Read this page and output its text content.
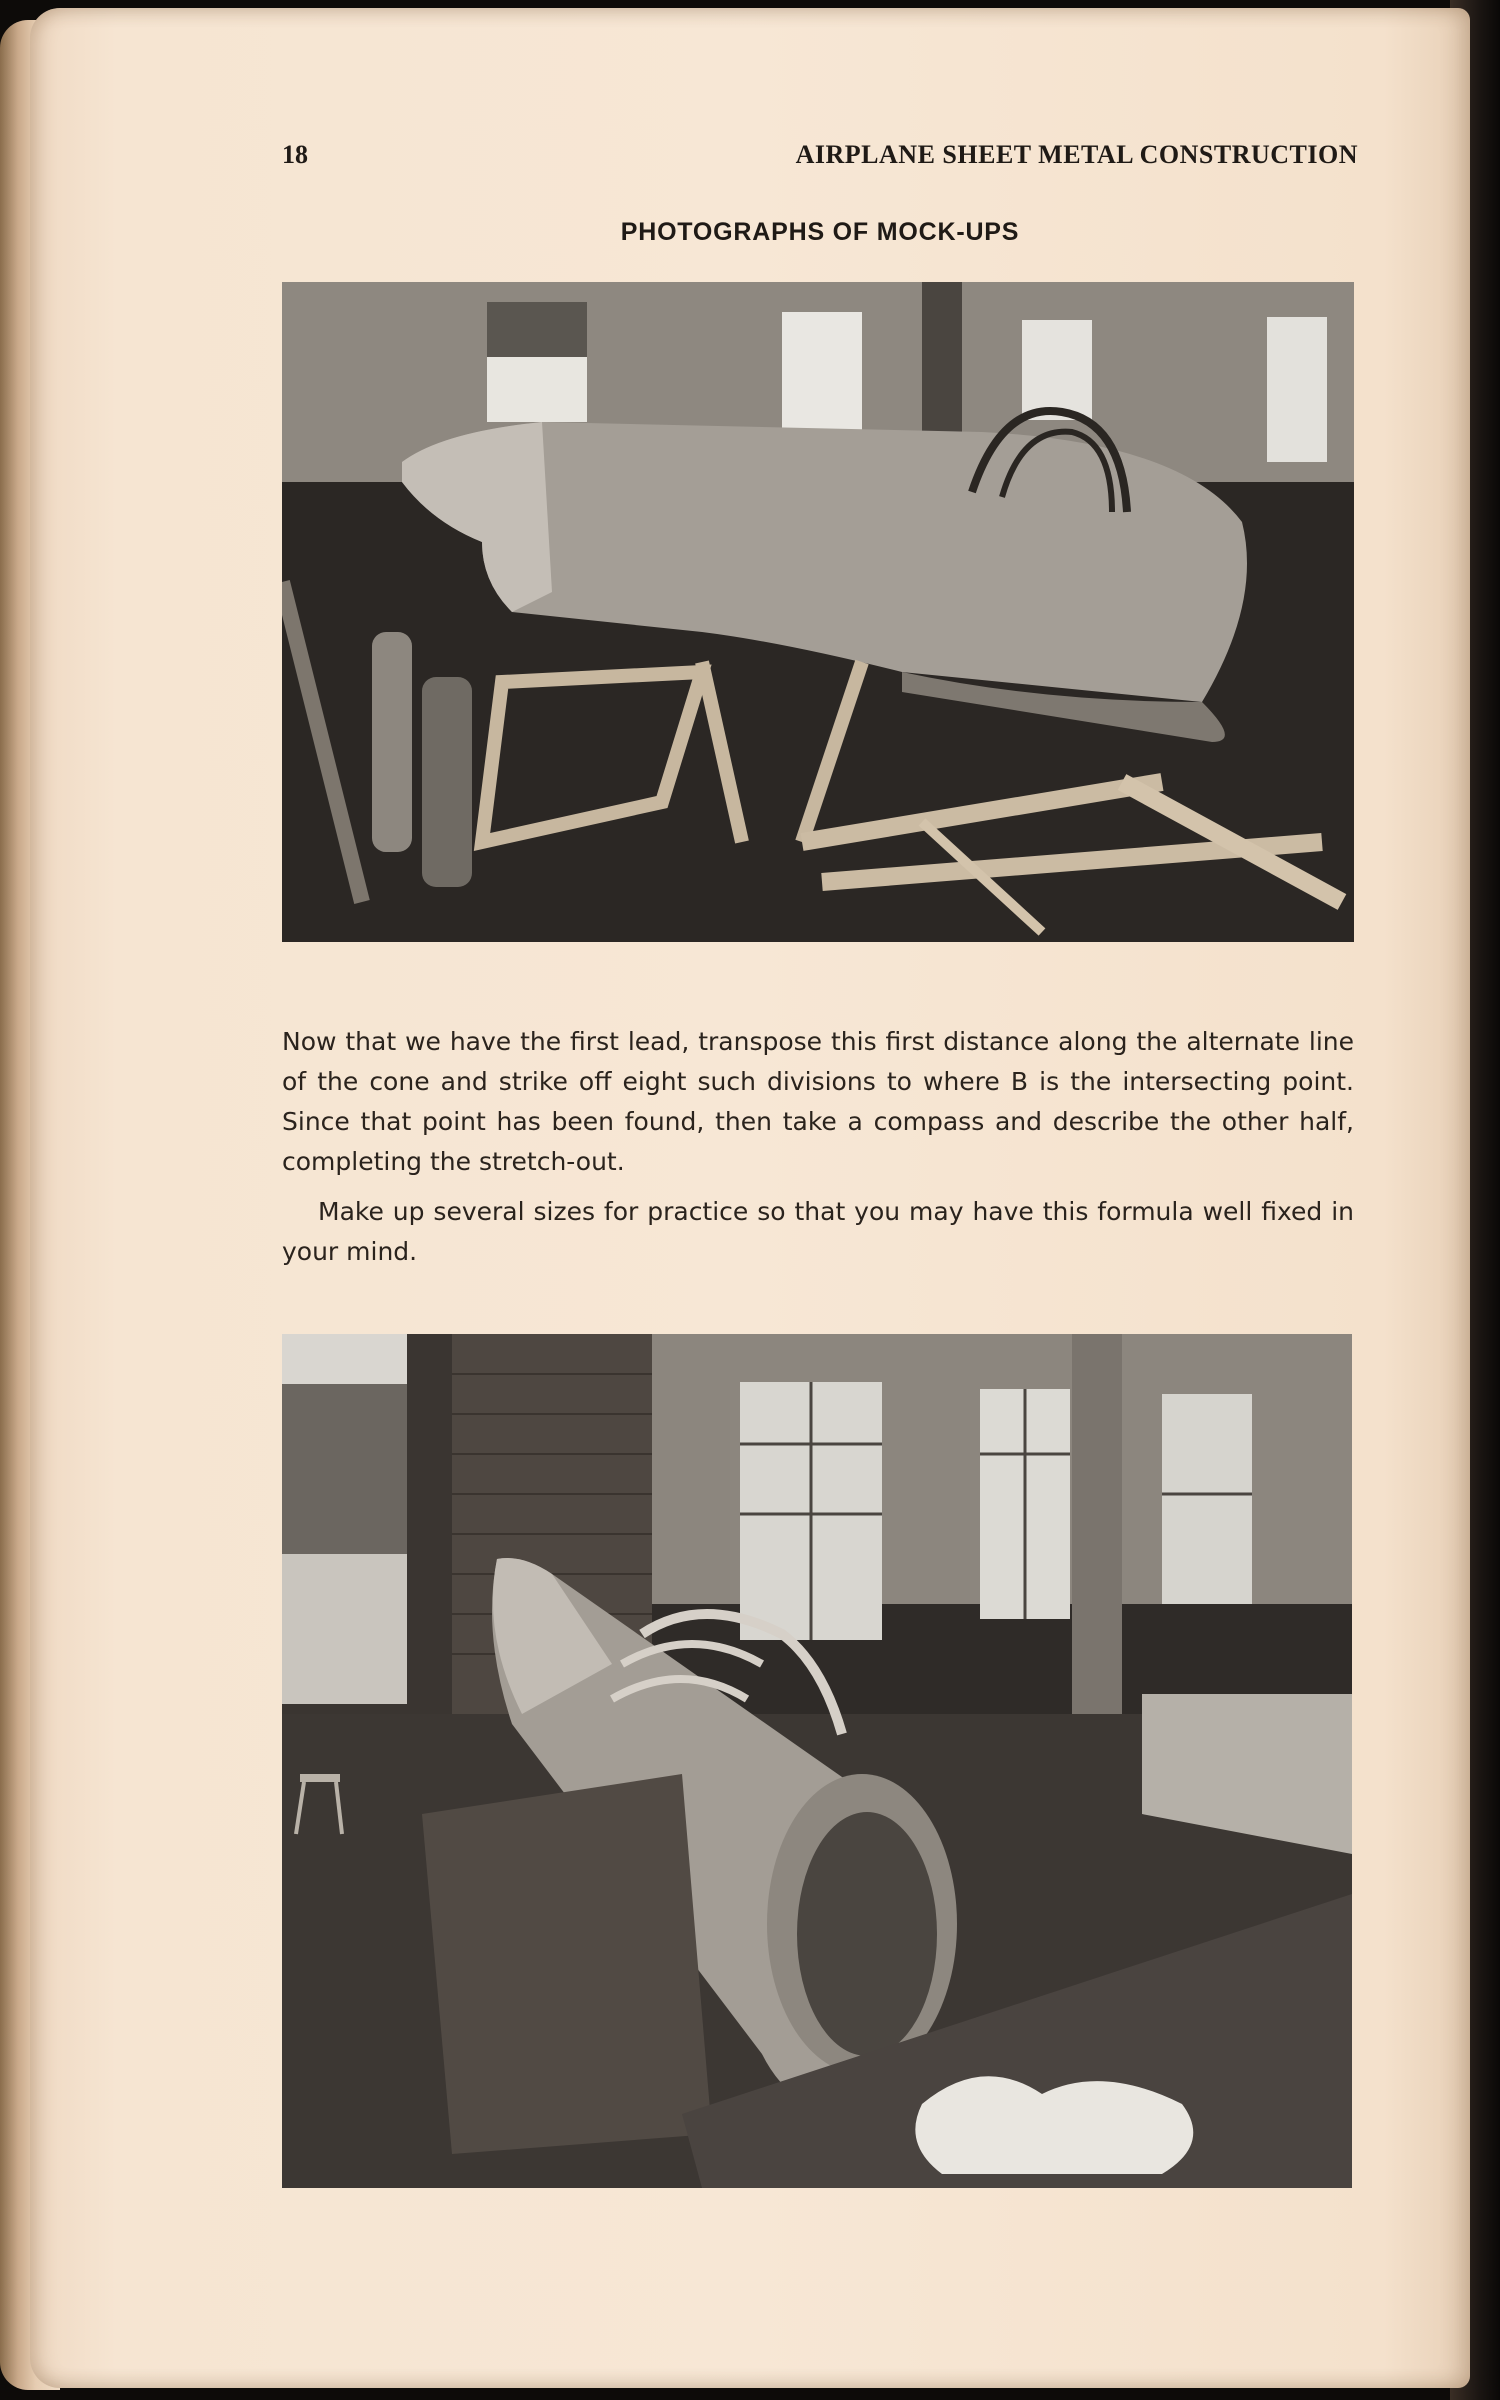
18	AIRPLANE SHEET METAL CONSTRUCTION
PHOTOGRAPHS OF MOCK-UPS

Now that we have the first lead, transpose this first distance along the alternate line of the cone and strike off eight such divisions to where B is the intersecting point. Since that point has been found, then take a compass and describe the other half, completing the stretch-out.

Make up several sizes for practice so that you may have this formula well fixed in your mind.
